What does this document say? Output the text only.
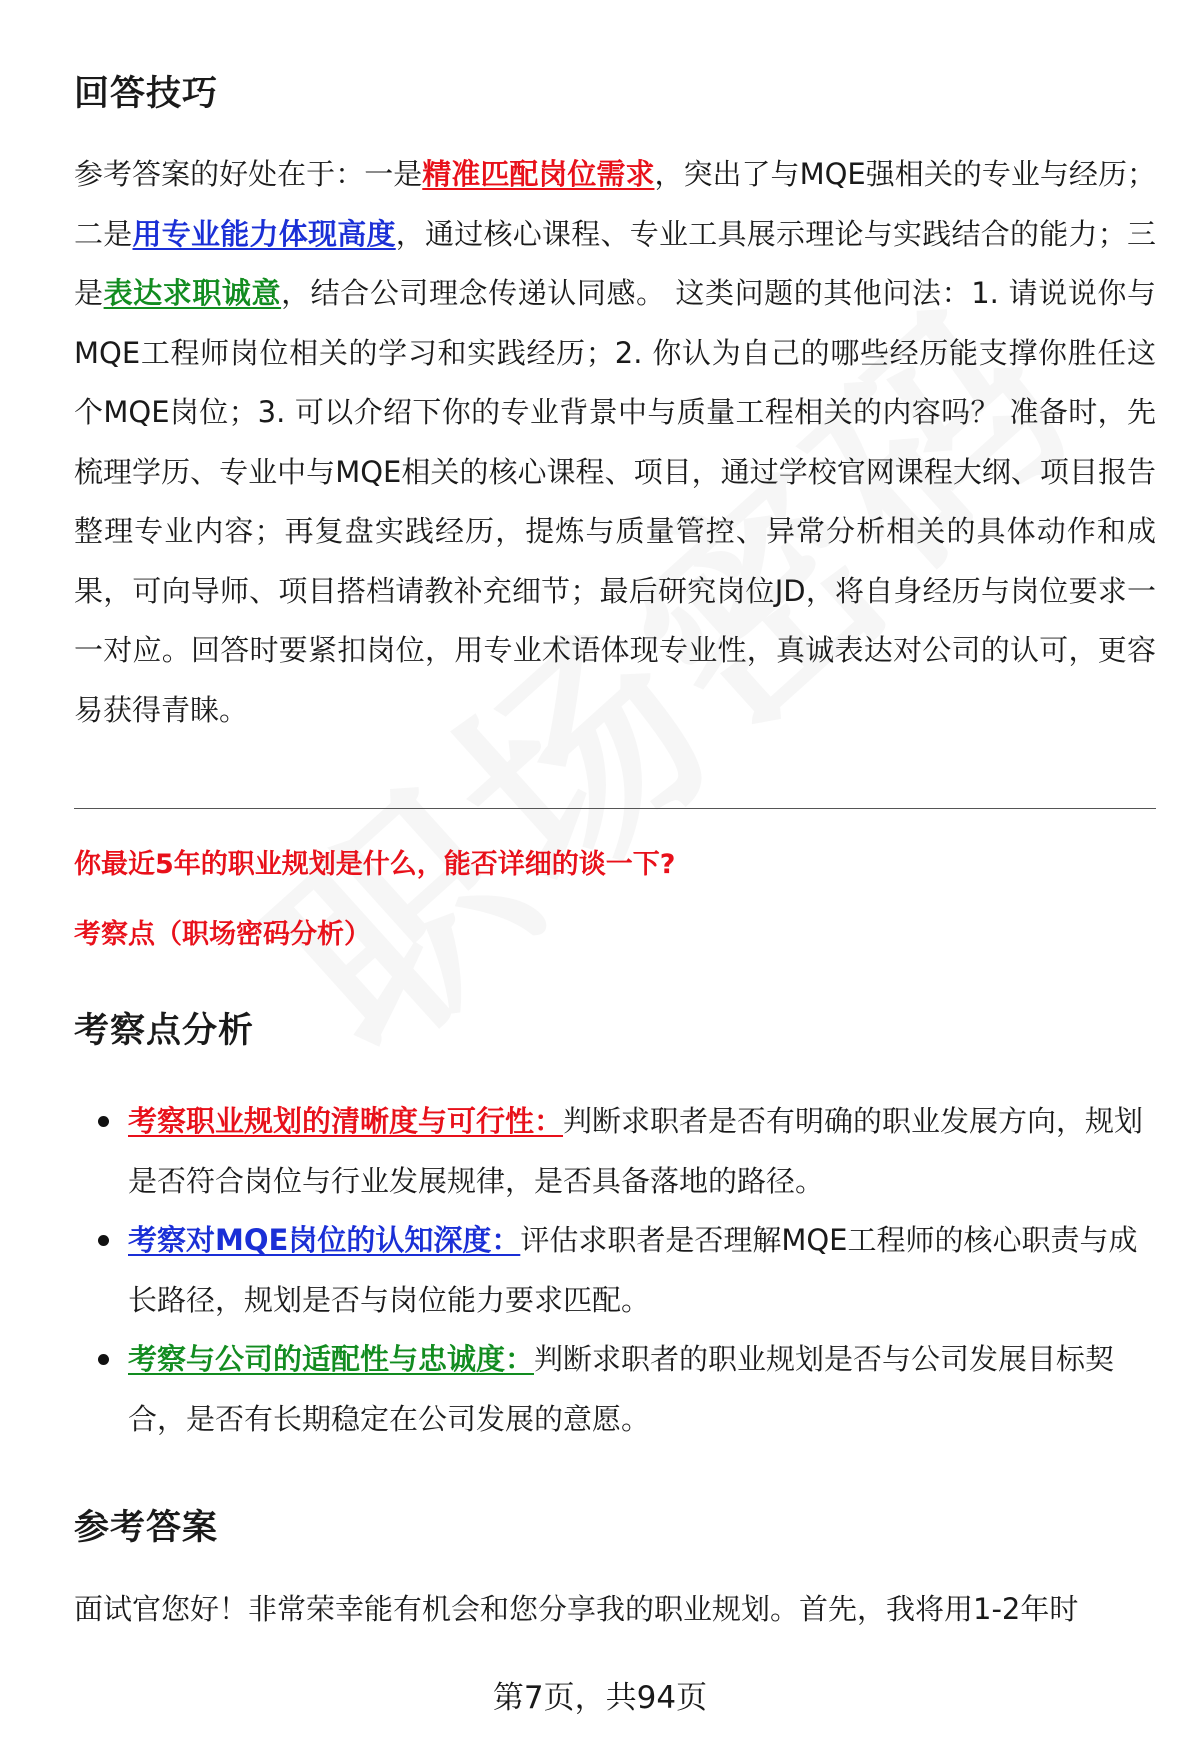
回答技巧

参考答案的好处在于：一是精准匹配岗位需求，突出了与MQE强相关的专业与经历；二是用专业能力体现高度，通过核心课程、专业工具展示理论与实践结合的能力；三是表达求职诚意，结合公司理念传递认同感。 这类问题的其他问法：1. 请说说你与MQE工程师岗位相关的学习和实践经历；2. 你认为自己的哪些经历能支撑你胜任这个MQE岗位；3. 可以介绍下你的专业背景中与质量工程相关的内容吗？ 准备时，先梳理学历、专业中与MQE相关的核心课程、项目，通过学校官网课程大纲、项目报告整理专业内容；再复盘实践经历，提炼与质量管控、异常分析相关的具体动作和成果，可向导师、项目搭档请教补充细节；最后研究岗位JD，将自身经历与岗位要求一一对应。回答时要紧扣岗位，用专业术语体现专业性，真诚表达对公司的认可，更容易获得青睐。

你最近5年的职业规划是什么，能否详细的谈一下?

考察点（职场密码分析）

考察点分析
考察职业规划的清晰度与可行性：判断求职者是否有明确的职业发展方向，规划是否符合岗位与行业发展规律，是否具备落地的路径。
考察对MQE岗位的认知深度：评估求职者是否理解MQE工程师的核心职责与成长路径，规划是否与岗位能力要求匹配。
考察与公司的适配性与忠诚度：判断求职者的职业规划是否与公司发展目标契合，是否有长期稳定在公司发展的意愿。
参考答案

面试官您好！非常荣幸能有机会和您分享我的职业规划。首先，我将用1-2年时

第7页，共94页
